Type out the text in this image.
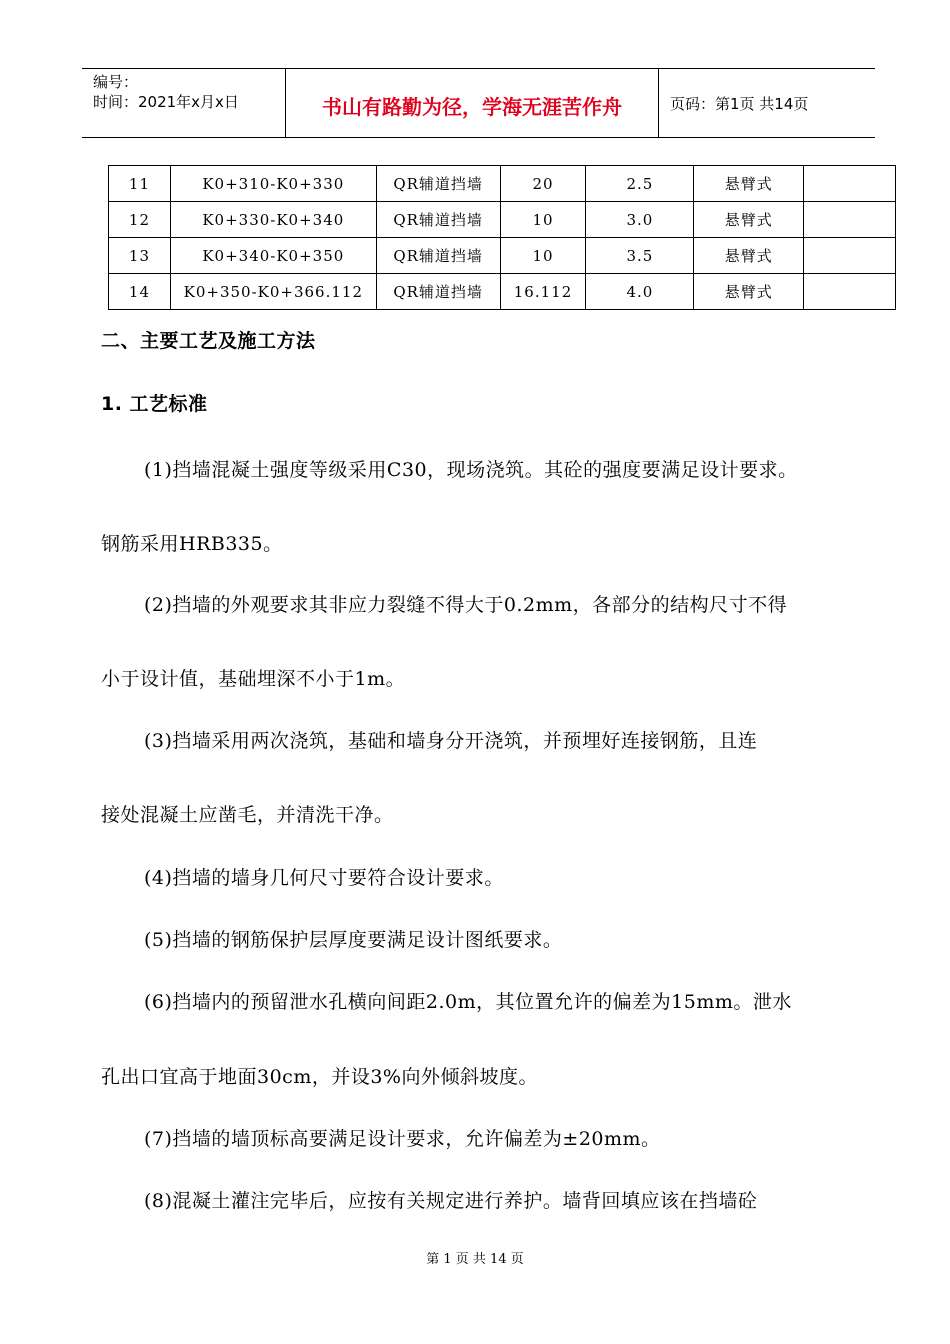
编号：
时间：2021年x月x日	书山有路勤为径，学海无涯苦作舟	页码：第1页 共14页
11	K0+310-K0+330	QR辅道挡墙	20	2.5	悬臂式	
12	K0+330-K0+340	QR辅道挡墙	10	3.0	悬臂式	
13	K0+340-K0+350	QR辅道挡墙	10	3.5	悬臂式	
14	K0+350-K0+366.112	QR辅道挡墙	16.112	4.0	悬臂式	
二、主要工艺及施工方法
1. 工艺标准
(1)挡墙混凝土强度等级采用C30，现场浇筑。其砼的强度要满足设计要求。
钢筋采用HRB335。
(2)挡墙的外观要求其非应力裂缝不得大于0.2mm，各部分的结构尺寸不得
小于设计值，基础埋深不小于1m。
(3)挡墙采用两次浇筑，基础和墙身分开浇筑，并预埋好连接钢筋，且连
接处混凝土应凿毛，并清洗干净。
(4)挡墙的墙身几何尺寸要符合设计要求。
(5)挡墙的钢筋保护层厚度要满足设计图纸要求。
(6)挡墙内的预留泄水孔横向间距2.0m，其位置允许的偏差为15mm。泄水
孔出口宜高于地面30cm，并设3%向外倾斜坡度。
(7)挡墙的墙顶标高要满足设计要求，允许偏差为±20mm。
(8)混凝土灌注完毕后，应按有关规定进行养护。墙背回填应该在挡墙砼
第 1 页 共 14 页
